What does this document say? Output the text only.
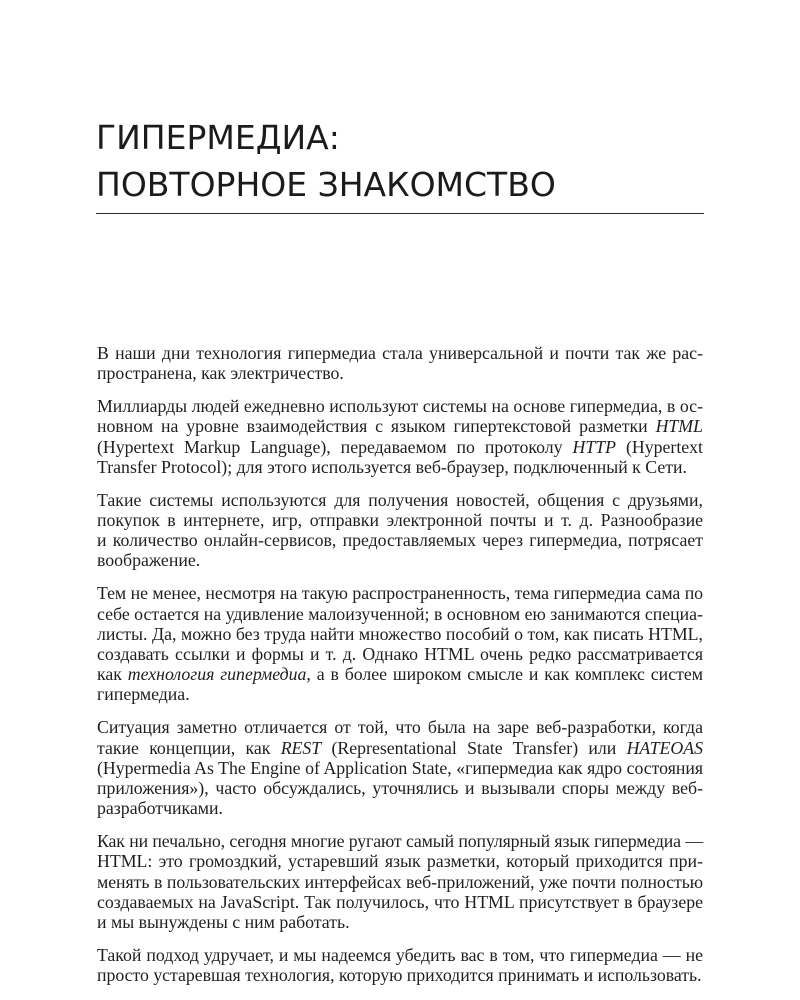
ГИПЕРМЕДИА:
ПОВТОРНОЕ ЗНАКОМСТВО

В наши дни технология гипермедиа стала универсальной и почти так же рас-
пространена, как электричество.

Миллиарды людей ежедневно используют системы на основе гипермедиа, в ос-
новном на уровне взаимодействия с языком гипертекстовой разметки HTML
(Hypertext Markup Language), передаваемом по протоколу HTTP (Hypertext
Transfer Protocol); для этого используется веб-браузер, подключенный к Сети.

Такие системы используются для получения новостей, общения с друзьями,
покупок в интернете, игр, отправки электронной почты и т. д. Разнообразие
и количество онлайн-сервисов, предоставляемых через гипермедиа, потрясает
воображение.

Тем не менее, несмотря на такую распространенность, тема гипермедиа сама по
себе остается на удивление малоизученной; в основном ею занимаются специа-
листы. Да, можно без труда найти множество пособий о том, как писать HTML,
создавать ссылки и формы и т. д. Однако HTML очень редко рассматривается
как технология гипермедиа, а в более широком смысле и как комплекс систем
гипермедиа.

Ситуация заметно отличается от той, что была на заре веб-разработки, когда
такие концепции, как REST (Representational State Transfer) или HATEOAS
(Hypermedia As The Engine of Application State, «гипермедиа как ядро состояния
приложения»), часто обсуждались, уточнялись и вызывали споры между веб-
разработчиками.

Как ни печально, сегодня многие ругают самый популярный язык гипермедиа —
HTML: это громоздкий, устаревший язык разметки, который приходится при-
менять в пользовательских интерфейсах веб-приложений, уже почти полностью
создаваемых на JavaScript. Так получилось, что HTML присутствует в браузере
и мы вынуждены с ним работать.

Такой подход удручает, и мы надеемся убедить вас в том, что гипермедиа — не
просто устаревшая технология, которую приходится принимать и использовать.
